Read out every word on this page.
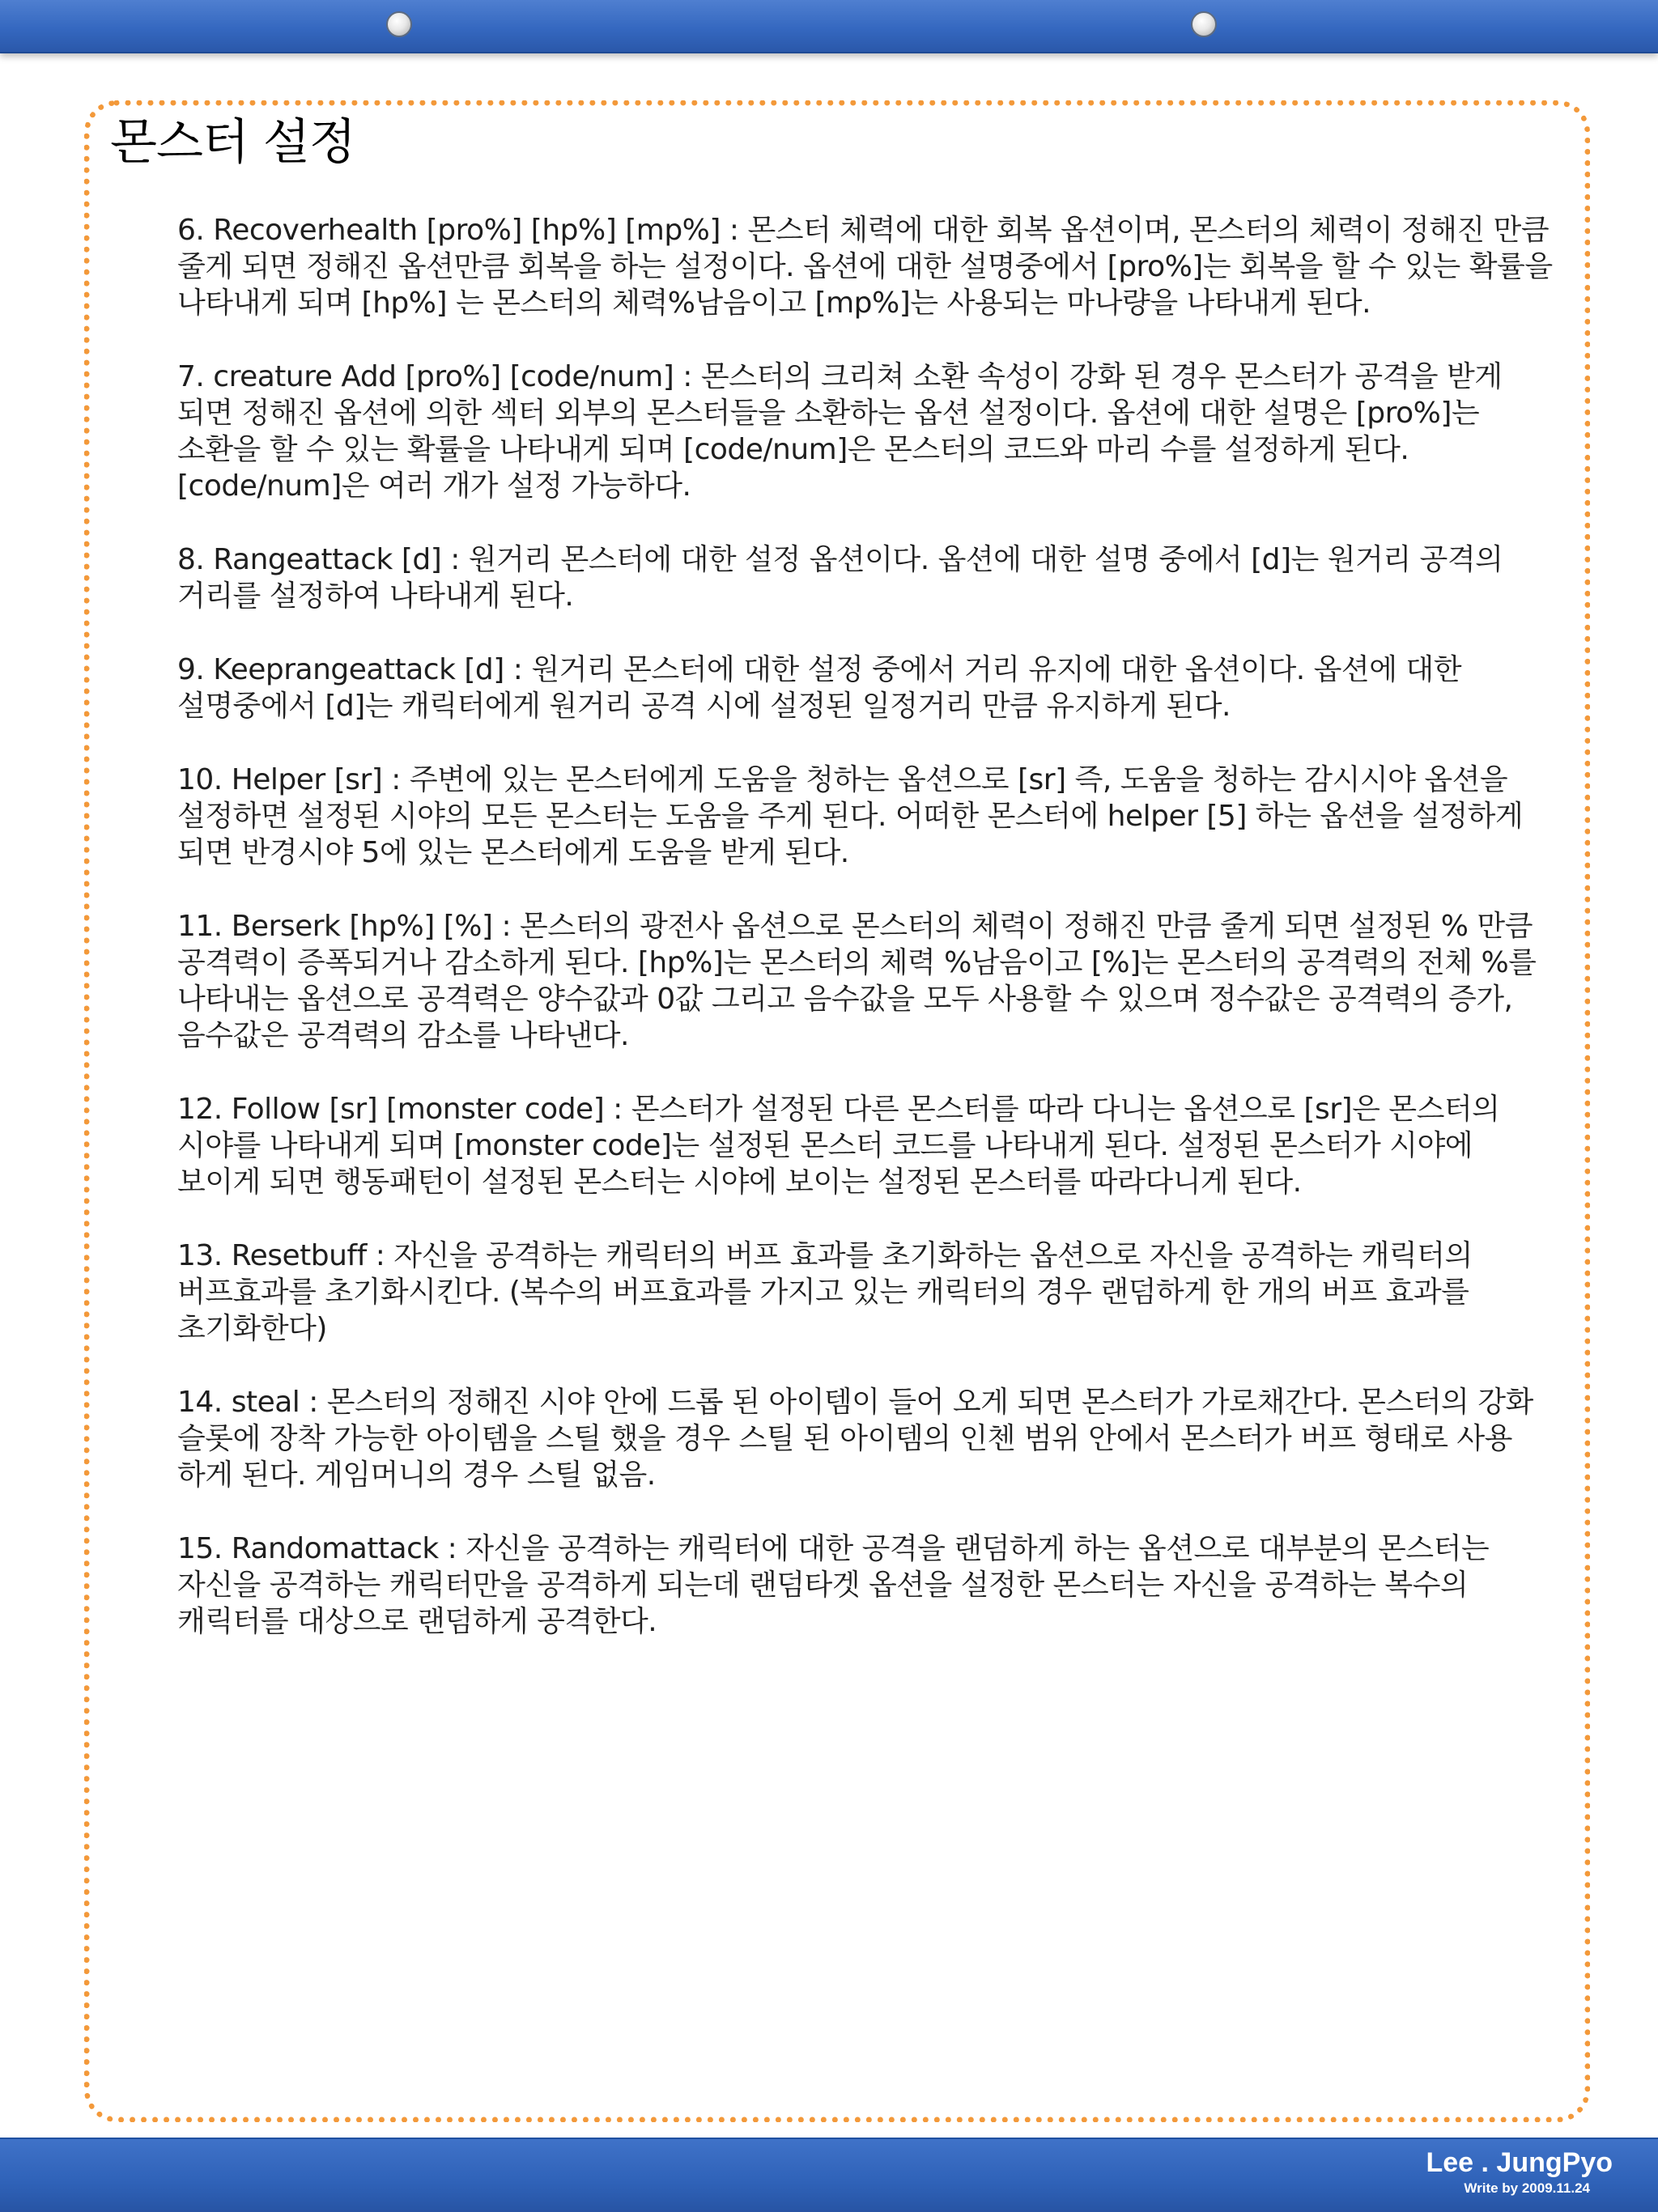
몬스터 설정

6. Recoverhealth [pro%] [hp%] [mp%] : 몬스터 체력에 대한 회복 옵션이며, 몬스터의 체력이 정해진 만큼 줄게 되면 정해진 옵션만큼 회복을 하는 설정이다. 옵션에 대한 설명중에서 [pro%]는 회복을 할 수 있는 확률을 나타내게 되며 [hp%] 는 몬스터의 체력%남음이고 [mp%]는 사용되는 마나량을 나타내게 된다.

7. creature Add [pro%] [code/num] : 몬스터의 크리쳐 소환 속성이 강화 된 경우 몬스터가 공격을 받게 되면 정해진 옵션에 의한 섹터 외부의 몬스터들을 소환하는 옵션 설정이다. 옵션에 대한 설명은 [pro%]는 소환을 할 수 있는 확률을 나타내게 되며 [code/num]은 몬스터의 코드와 마리 수를 설정하게 된다. [code/num]은 여러 개가 설정 가능하다.

8. Rangeattack [d] : 원거리 몬스터에 대한 설정 옵션이다. 옵션에 대한 설명 중에서 [d]는 원거리 공격의 거리를 설정하여 나타내게 된다.

9. Keeprangeattack [d] : 원거리 몬스터에 대한 설정 중에서 거리 유지에 대한 옵션이다. 옵션에 대한 설명중에서 [d]는 캐릭터에게 원거리 공격 시에 설정된 일정거리 만큼 유지하게 된다.

10. Helper [sr] : 주변에 있는 몬스터에게 도움을 청하는 옵션으로 [sr] 즉, 도움을 청하는 감시시야 옵션을 설정하면 설정된 시야의 모든 몬스터는 도움을 주게 된다. 어떠한 몬스터에 helper [5] 하는 옵션을 설정하게 되면 반경시야 5에 있는 몬스터에게 도움을 받게 된다.

11. Berserk [hp%] [%] : 몬스터의 광전사 옵션으로 몬스터의 체력이 정해진 만큼 줄게 되면 설정된 % 만큼 공격력이 증폭되거나 감소하게 된다. [hp%]는 몬스터의 체력 %남음이고 [%]는 몬스터의 공격력의 전체 %를 나타내는 옵션으로 공격력은 양수값과 0값 그리고 음수값을 모두 사용할 수 있으며 정수값은 공격력의 증가, 음수값은 공격력의 감소를 나타낸다.

12. Follow [sr] [monster code] : 몬스터가 설정된 다른 몬스터를 따라 다니는 옵션으로 [sr]은 몬스터의 시야를 나타내게 되며 [monster code]는 설정된 몬스터 코드를 나타내게 된다. 설정된 몬스터가 시야에 보이게 되면 행동패턴이 설정된 몬스터는 시야에 보이는 설정된 몬스터를 따라다니게 된다.

13. Resetbuff : 자신을 공격하는 캐릭터의 버프 효과를 초기화하는 옵션으로 자신을 공격하는 캐릭터의 버프효과를 초기화시킨다. (복수의 버프효과를 가지고 있는 캐릭터의 경우 랜덤하게 한 개의 버프 효과를 초기화한다)

14. steal : 몬스터의 정해진 시야 안에 드롭 된 아이템이 들어 오게 되면 몬스터가 가로채간다. 몬스터의 강화 슬롯에 장착 가능한 아이템을 스틸 했을 경우 스틸 된 아이템의 인첸 범위 안에서 몬스터가 버프 형태로 사용 하게 된다. 게임머니의 경우 스틸 없음.

15. Randomattack : 자신을 공격하는 캐릭터에 대한 공격을 랜덤하게 하는 옵션으로 대부분의 몬스터는 자신을 공격하는 캐릭터만을 공격하게 되는데 랜덤타겟 옵션을 설정한 몬스터는 자신을 공격하는 복수의 캐릭터를 대상으로 랜덤하게 공격한다.

Lee . JungPyo
Write by 2009.11.24
